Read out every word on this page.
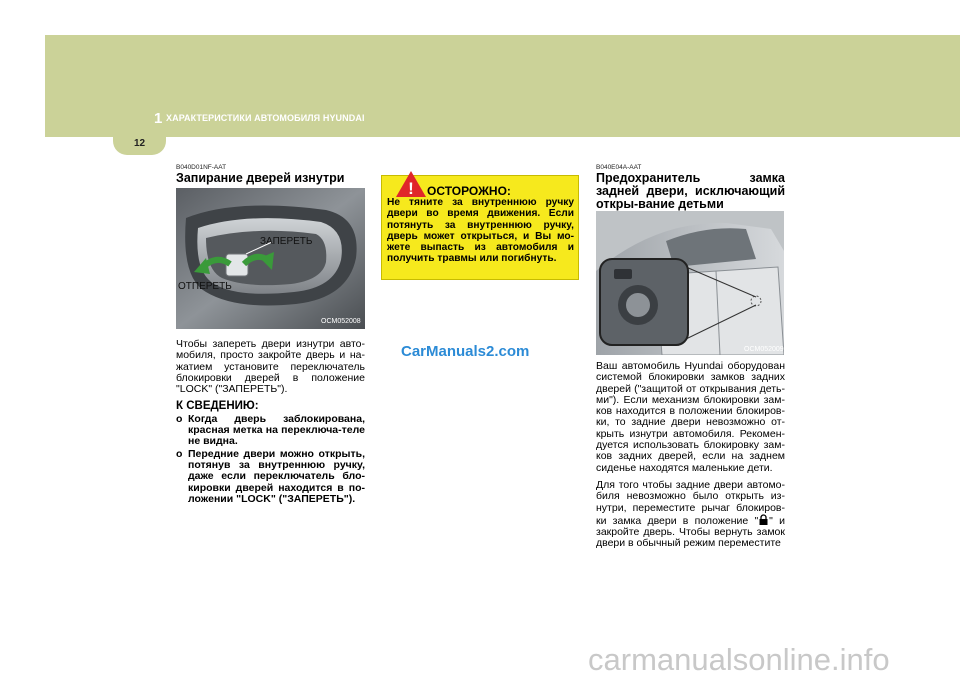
1 ХАРАКТЕРИСТИКИ АВТОМОБИЛЯ HYUNDAI
12
B040D01NF-AAT
Запирание дверей изнутри
ЗАПЕРЕТЬ
ОТПЕРЕТЬ
OCM052008

Чтобы запереть двери изнутри авто-мобиля, просто закройте дверь и на-жатием установите переключатель блокировки дверей в положение "LOCK" ("ЗАПЕРЕТЬ").

К СВЕДЕНИЮ:
о Когда дверь заблокирована, красная метка на переключа-теле не видна.
о Передние двери можно открыть, потянув за внутреннюю ручку, даже если переключатель бло-кировки дверей находится в по-ложении "LOCK" ("ЗАПЕРЕТЬ").
! ОСТОРОЖНО:
Не тяните за внутреннюю ручку двери во время движения. Если потянуть за внутреннюю ручку, дверь может открыться, и Вы мо-жете выпасть из автомобиля и получить травмы или погибнуть.
CarManuals2.com
B040E04A-AAT
Предохранитель замка задней двери, исключающий откры-вание детьми
OCM052009

Ваш автомобиль Hyundai оборудован системой блокировки замков задних дверей ("защитой от открывания деть-ми"). Если механизм блокировки зам-ков находится в положении блокиров-ки, то задние двери невозможно от-крыть изнутри автомобиля. Рекомен-дуется использовать блокировку зам-ков задних дверей, если на заднем сиденье находятся маленькие дети.

Для того чтобы задние двери автомо-биля невозможно было открыть из-нутри, переместите рычаг блокиров-ки замка двери в положение " " и закройте дверь. Чтобы вернуть замок двери в обычный режим переместите

carmanualsonline.info
